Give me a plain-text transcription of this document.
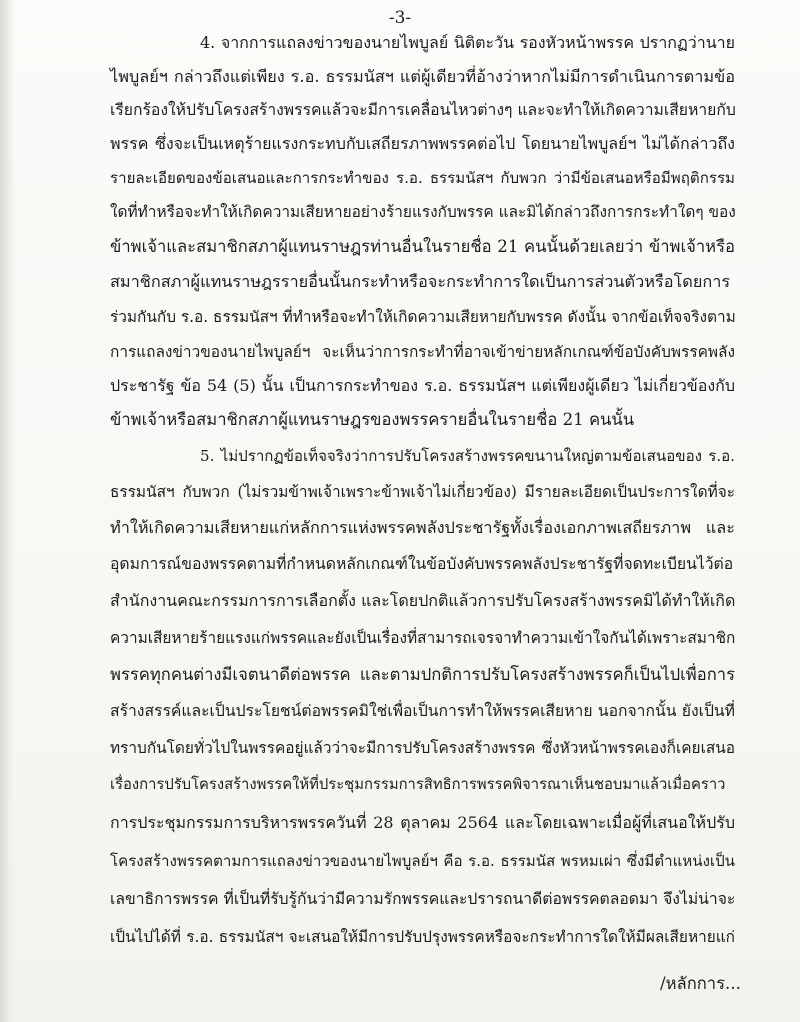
-3-
4. จากการแถลงข่าวของนายไพบูลย์ นิติตะวัน รองหัวหน้าพรรค ปรากฏว่านาย
ไพบูลย์ฯ กล่าวถึงแต่เพียง ร.อ. ธรรมนัสฯ แต่ผู้เดียวที่อ้างว่าหากไม่มีการดำเนินการตามข้อ
เรียกร้องให้ปรับโครงสร้างพรรคแล้วจะมีการเคลื่อนไหวต่างๆ และจะทำให้เกิดความเสียหายกับ
พรรค ซึ่งจะเป็นเหตุร้ายแรงกระทบกับเสถียรภาพพรรคต่อไป โดยนายไพบูลย์ฯ ไม่ได้กล่าวถึง
รายละเอียดของข้อเสนอและการกระทำของ ร.อ. ธรรมนัสฯ กับพวก ว่ามีข้อเสนอหรือมีพฤติกรรม
ใดที่ทำหรือจะทำให้เกิดความเสียหายอย่างร้ายแรงกับพรรค และมิได้กล่าวถึงการกระทำใดๆ ของ
ข้าพเจ้าและสมาชิกสภาผู้แทนราษฎรท่านอื่นในรายชื่อ 21 คนนั้นด้วยเลยว่า ข้าพเจ้าหรือ
สมาชิกสภาผู้แทนราษฎรรายอื่นนั้นกระทำหรือจะกระทำการใดเป็นการส่วนตัวหรือโดยการ
ร่วมกันกับ ร.อ. ธรรมนัสฯ ที่ทำหรือจะทำให้เกิดความเสียหายกับพรรค ดังนั้น จากข้อเท็จจริงตาม
การแถลงข่าวของนายไพบูลย์ฯ จะเห็นว่าการกระทำที่อาจเข้าข่ายหลักเกณฑ์ข้อบังคับพรรคพลัง
ประชารัฐ ข้อ 54 (5) นั้น เป็นการกระทำของ ร.อ. ธรรมนัสฯ แต่เพียงผู้เดียว ไม่เกี่ยวข้องกับ
ข้าพเจ้าหรือสมาชิกสภาผู้แทนราษฎรของพรรครายอื่นในรายชื่อ 21 คนนั้น
5. ไม่ปรากฏข้อเท็จจริงว่าการปรับโครงสร้างพรรคขนานใหญ่ตามข้อเสนอของ ร.อ.
ธรรมนัสฯ กับพวก (ไม่รวมข้าพเจ้าเพราะข้าพเจ้าไม่เกี่ยวข้อง) มีรายละเอียดเป็นประการใดที่จะ
ทำให้เกิดความเสียหายแก่หลักการแห่งพรรคพลังประชารัฐทั้งเรื่องเอกภาพเสถียรภาพ และ
อุดมการณ์ของพรรคตามที่กำหนดหลักเกณฑ์ในข้อบังคับพรรคพลังประชารัฐที่จดทะเบียนไว้ต่อ
สำนักงานคณะกรรมการการเลือกตั้ง และโดยปกติแล้วการปรับโครงสร้างพรรคมิได้ทำให้เกิด
ความเสียหายร้ายแรงแก่พรรคและยังเป็นเรื่องที่สามารถเจรจาทำความเข้าใจกันได้เพราะสมาชิก
พรรคทุกคนต่างมีเจตนาดีต่อพรรค และตามปกติการปรับโครงสร้างพรรคก็เป็นไปเพื่อการ
สร้างสรรค์และเป็นประโยชน์ต่อพรรคมิใช่เพื่อเป็นการทำให้พรรคเสียหาย นอกจากนั้น ยังเป็นที่
ทราบกันโดยทั่วไปในพรรคอยู่แล้วว่าจะมีการปรับโครงสร้างพรรค ซึ่งหัวหน้าพรรคเองก็เคยเสนอ
เรื่องการปรับโครงสร้างพรรคให้ที่ประชุมกรรมการสิทธิการพรรคพิจารณาเห็นชอบมาแล้วเมื่อคราว
การประชุมกรรมการบริหารพรรควันที่ 28 ตุลาคม 2564 และโดยเฉพาะเมื่อผู้ที่เสนอให้ปรับ
โครงสร้างพรรคตามการแถลงข่าวของนายไพบูลย์ฯ คือ ร.อ. ธรรมนัส พรหมเผ่า ซึ่งมีตำแหน่งเป็น
เลขาธิการพรรค ที่เป็นที่รับรู้กันว่ามีความรักพรรคและปรารถนาดีต่อพรรคตลอดมา จึงไม่น่าจะ
เป็นไปได้ที่ ร.อ. ธรรมนัสฯ จะเสนอให้มีการปรับปรุงพรรคหรือจะกระทำการใดให้มีผลเสียหายแก่
/หลักการ...
